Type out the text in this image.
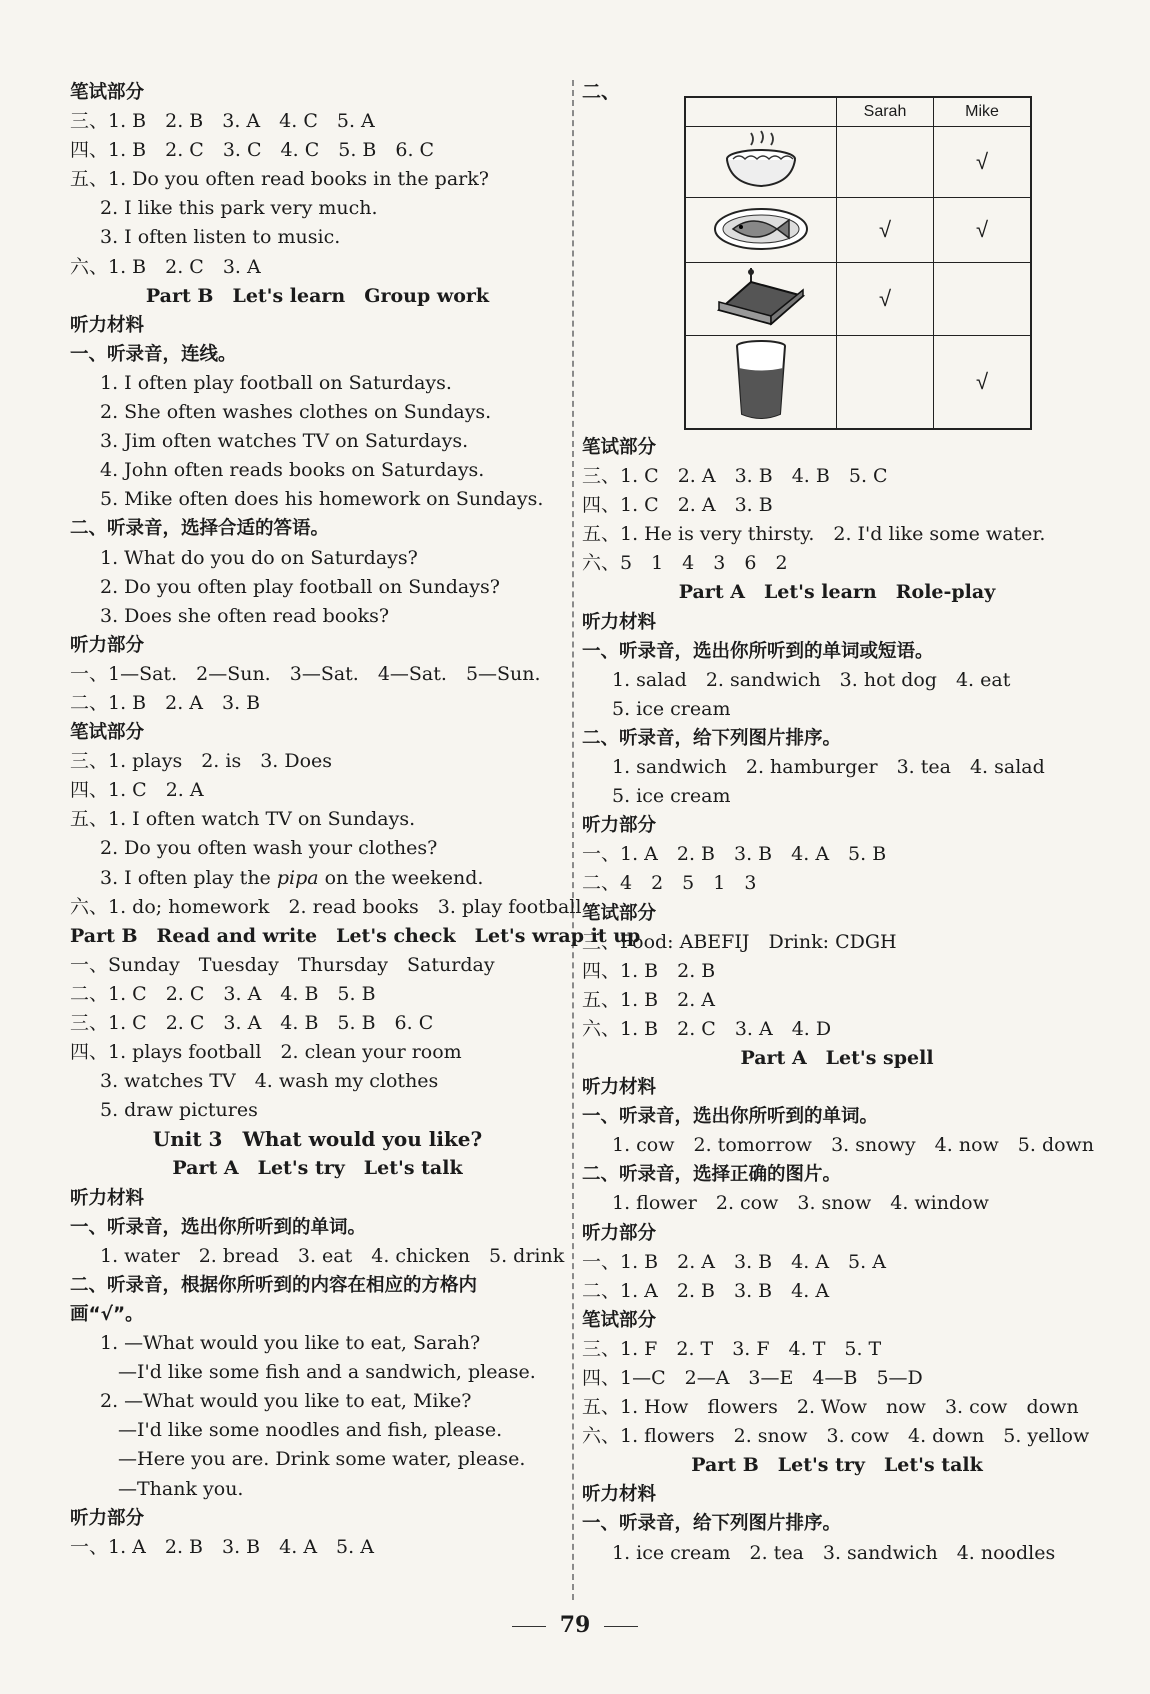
笔试部分
三、1. B　2. B　3. A　4. C　5. A
四、1. B　2. C　3. C　4. C　5. B　6. C
五、1. Do you often read books in the park?
2. I like this park very much.
3. I often listen to music.
六、1. B　2. C　3. A
Part B　Let's learn　Group work
听力材料
一、听录音，连线。
1. I often play football on Saturdays.
2. She often washes clothes on Sundays.
3. Jim often watches TV on Saturdays.
4. John often reads books on Saturdays.
5. Mike often does his homework on Sundays.
二、听录音，选择合适的答语。
1. What do you do on Saturdays?
2. Do you often play football on Sundays?
3. Does she often read books?
听力部分
一、1—Sat.　2—Sun.　3—Sat.　4—Sat.　5—Sun.
二、1. B　2. A　3. B
笔试部分
三、1. plays　2. is　3. Does
四、1. C　2. A
五、1. I often watch TV on Sundays.
2. Do you often wash your clothes?
3. I often play the pipa on the weekend.
六、1. do; homework　2. read books　3. play football
Part B　Read and write　Let's check　Let's wrap it up
一、Sunday　Tuesday　Thursday　Saturday
二、1. C　2. C　3. A　4. B　5. B
三、1. C　2. C　3. A　4. B　5. B　6. C
四、1. plays football　2. clean your room
3. watches TV　4. wash my clothes
5. draw pictures
Unit 3　What would you like?
Part A　Let's try　Let's talk
听力材料
一、听录音，选出你所听到的单词。
1. water　2. bread　3. eat　4. chicken　5. drink
二、听录音，根据你所听到的内容在相应的方格内
画“√”。
1. —What would you like to eat, Sarah?
—I'd like some fish and a sandwich, please.
2. —What would you like to eat, Mike?
—I'd like some noodles and fish, please.
—Here you are. Drink some water, please.
—Thank you.
听力部分
一、1. A　2. B　3. B　4. A　5. A
二、
	Sarah	Mike
		√
	√	√
	√	
		√
笔试部分
三、1. C　2. A　3. B　4. B　5. C
四、1. C　2. A　3. B
五、1. He is very thirsty.　2. I'd like some water.
六、5　1　4　3　6　2
Part A　Let's learn　Role-play
听力材料
一、听录音，选出你所听到的单词或短语。
1. salad　2. sandwich　3. hot dog　4. eat
5. ice cream
二、听录音，给下列图片排序。
1. sandwich　2. hamburger　3. tea　4. salad
5. ice cream
听力部分
一、1. A　2. B　3. B　4. A　5. B
二、4　2　5　1　3
笔试部分
三、Food: ABEFIJ　Drink: CDGH
四、1. B　2. B
五、1. B　2. A
六、1. B　2. C　3. A　4. D
Part A　Let's spell
听力材料
一、听录音，选出你所听到的单词。
1. cow　2. tomorrow　3. snowy　4. now　5. down
二、听录音，选择正确的图片。
1. flower　2. cow　3. snow　4. window
听力部分
一、1. B　2. A　3. B　4. A　5. A
二、1. A　2. B　3. B　4. A
笔试部分
三、1. F　2. T　3. F　4. T　5. T
四、1—C　2—A　3—E　4—B　5—D
五、1. How　flowers　2. Wow　now　3. cow　down
六、1. flowers　2. snow　3. cow　4. down　5. yellow
Part B　Let's try　Let's talk
听力材料
一、听录音，给下列图片排序。
1. ice cream　2. tea　3. sandwich　4. noodles
79
